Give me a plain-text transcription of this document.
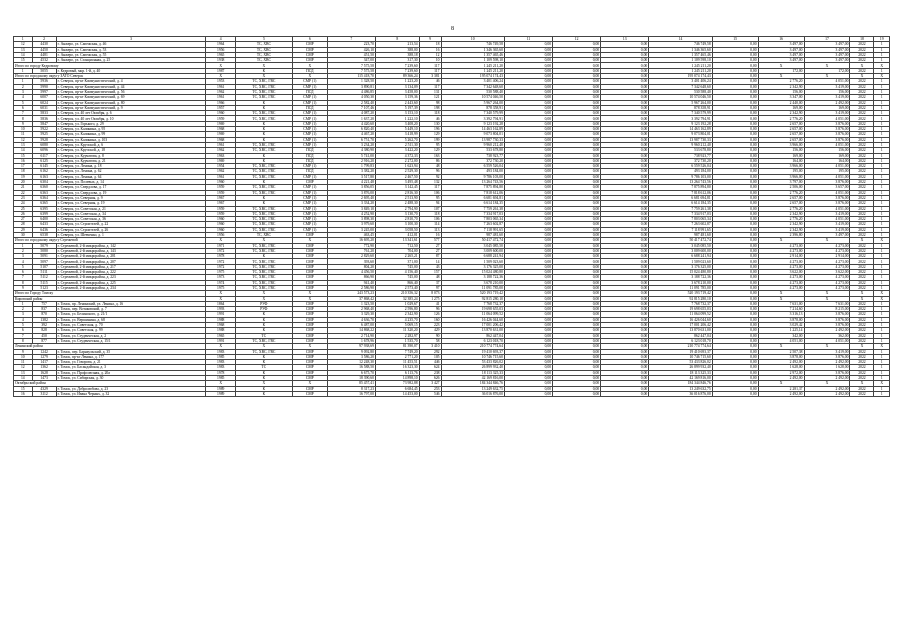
8
1	2	3	4	5	6	7	8	9	10	11	12	13	14	15	16	17	18	19
12	4430	г. Анжеро, ул. Сапежская, д. 46	1964	ТС, ХВС	СМР	223,70	213,54	18	746 749,58	0,00	0,00	0,00	746 749,58	0,00	3 497,00	3 497,00	2022	1
13	4450	г. Анжеро, ул. Сапежская, д. 53	1956	ТС, ХВС	СМР	426,10	388,00	16	1 346 365,60	0,00	0,00	0,00	1 346 365,60	0,00	3 497,00	3 497,00	2022	1
14	4481	г. Анжеро, ул. Сапежская, д. 55	1965	ТС, ХВС	СМР	451,50	388,18	12	1 357 465,46	0,00	0,00	0,00	1 357 465,46	0,00	3 497,00	3 497,00	2022	1
15	4532	г. Анжеро, ул. Станционная, д. 25	1938	ТС, ХВС	СМР	347,00	317,30	10	1 109 598,10	0,00	0,00	0,00	1 109 598,10	0,00	3 497,00	3 497,00	2022	1
Итого по городу Кедровому			Х	Х	Х	7 575,58	7 239,60	117	1 245 211,20	0,00	0,00	0,00	1 245 211,20	0,00	Х	Х	Х	Х
1	5055	г. Кедровый, мкр. 1-й, д. 40	1987	К	ПСД	7 575,58	7 239,60	117	1 245 211,20	0,00	0,00	0,00	1 245 211,20	0,00	172,00	172,00	2022	1
Итого по городскому округу ЗАТО Северск			Х	Х	Х	115 418,70	89 366,24	3 381	195 074 174,43	0,00	0,00	0,00	195 074 174,43	0,00	Х	Х	Х	Х
1	5936	г. Северск, пр-кт Коммунистический, д. 4	1953	ТС, ХВС, ГВС	СМР (1)	1 328,50	1 223,20	46	3 401 406,24	0,00	0,00	0,00	3 401 406,24	0,00	2 776,20	4 051,00	2022	1
2	5990	г. Северск, пр-кт Коммунистический, д. 44	1961	ТС, ХВС, ГВС	СМР (1)	3 890,81	3 134,09	117	7 342 648,60	0,00	0,00	0,00	7 342 648,60	0,00	2 342,90	3 419,00	2022	1
3	5997	г. Северск, пр-кт Коммунистический, д. 56	1962	ТС, ХВС, ГВС	ПСД	4 486,85	3 458,00	131	530 588,40	0,00	0,00	0,00	530 588,40	0,00	156,00	156,00	2022	1
4	6007	г. Северск, пр-кт Коммунистический, д. 69	1961	ТС, ХВС, ГВС	СМР (1)	4 050,30	3 159,36	121	10 574 046,50	0,00	0,00	0,00	10 574 046,50	0,00	3 347,00	3 419,00	2022	1
5	6024	г. Северск, пр-кт Коммунистический, д. 80	1966	К	СМР (1)	2 582,40	2 443,60	98	5 967 264,00	0,00	0,00	0,00	5 967 264,00	0,00	2 440,00	2 492,00	2022	1
6	6031	г. Северск, пр-кт Коммунистический, д. 9	1957	К	ПСД	7 107,46	5 197,39	198	878 358,91	0,00	0,00	0,00	878 358,91	0,00	169,00	169,00	2022	1
7	5833	г. Северск, ул. 40 лет Октября, д. 6	1960	ТС, ХВС, ГВС	СМР (1)	4 087,20	3 153,10	118	7 340 579,99	0,00	0,00	0,00	7 340 579,99	0,00	2 342,90	3 419,00	2022	1
8	5836	г. Северск, ул. 40 лет Октября, д. 10	1959	ТС, ХВС, ГВС	СМР (1)	1 637,20	1 222,10	46	3 392 794,91	0,00	0,00	0,00	3 392 794,91	0,00	2 776,20	4 051,00	2022	1
9	5847	г. Северск, ул. Горького, д. 29	1969	К	СМР (1)	4 420,60	3 408,20	130	9 123 192,28	0,00	0,00	0,00	9 123 192,28	0,00	2 657,00	3 876,00	2022	1
10	5922	г. Северск, ул. Калинина, д. 95	1968	К	СМР (1)	6 820,40	5 449,10	196	14 463 162,89	0,00	0,00	0,00	14 463 162,89	0,00	2 657,00	3 876,00	2022	1
11	5925	г. Северск, ул. Калинина, д. 99	1969	К	СМР (1)	4 467,20	3 418,99	129	9 073 804,01	0,00	0,00	0,00	9 073 804,01	0,00	2 657,00	3 876,00	2022	1
12	5928	г. Северск, ул. Калинина, д. 103	1968	К	СМР (1)	6 751,70	5 262,70	199	13 987 730,33	0,00	0,00	0,00	13 987 730,33	0,00	2 657,00	3 876,00	2022	1
13	6080	г. Северск, ул. Крупской, д. 6	1961	ТС, ХВС, ГВС	СМР (1)	3 234,20	2 511,30	95	9 960 212,40	0,00	0,00	0,00	9 960 212,40	0,00	3 966,00	4 051,00	2022	1
14	6096	г. Северск, ул. Крупской, д. 18	1962	ТС, ХВС, ГВС	ПСД	4 380,90	3 422,20	129	533 678,80	0,00	0,00	0,00	533 678,80	0,00	156,00	156,00	2022	1
15	6117	г. Северск, ул. Курчатова, д. 8	1963	К	ПСД	5 741,00	4 372,33	163	738 923,77	0,00	0,00	0,00	738 923,77	0,00	169,00	169,00	2022	1
16	6125	г. Северск, ул. Курчатова, д. 21	1969	К	ПСД	2 916,20	2 272,00	86	372 730,20	0,00	0,00	0,00	372 730,20	0,00	164,00	164,00	2022	1
17	6145	г. Северск, ул. Ленина, д. 18	1954	ТС, ХВС, ГВС	СМР (1)	1 799,83	1 623,94	48	6 559 526,04	0,00	0,00	0,00	6 559 526,04	0,00	3 966,00	4 051,00	2022	1
18	6162	г. Северск, ул. Ленина, д. 62	1962	ТС, ХВС, ГВС	ПСД	3 382,20	2 529,30	96	493 184,00	0,00	0,00	0,00	493 184,00	0,00	195,00	195,00	2022	1
19	6163	г. Северск, ул. Ленина, д. 64	1961	ТС, ХВС, ГВС	СМР (1)	3 517,80	2 467,50	92	9 786 103,00	0,00	0,00	0,00	9 786 103,00	0,00	3 966,00	4 051,00	2022	1
20	6304	г. Северск, ул. Полевых, д. 14	1960	К	СМР	4 221,48	3 495,48	132	13 264 743,56	0,00	0,00	0,00	13 264 743,56	0,00	3 797,00	3 876,00	2022	1
21	6360	г. Северск, ул. Свердлова, д. 17	1959	ТС, ХВС, ГВС	СМР (1)	3 856,05	3 142,45	117	7 875 894,80	0,00	0,00	0,00	7 875 894,80	0,00	2 506,00	3 657,00	2022	1
22	6363	г. Северск, ул. Свердлова, д. 19	1959	ТС, ХВС, ГВС	СМР (1)	3 876,00	2 816,30	106	7 818 612,06	0,00	0,00	0,00	7 818 612,06	0,00	2 776,20	4 051,00	2022	1
23	6364	г. Северск, ул. Северная, д. 9	1967	К	СМР (1)	2 695,40	2 513,90	95	6 681 694,81	0,00	0,00	0,00	6 681 694,81	0,00	2 657,00	3 876,00	2022	1
24	6365	г. Северск, ул. Северная, д. 19	1967	К	СМР (1)	3 334,20	2 488,30	94	6 614 184,35	0,00	0,00	0,00	6 614 184,35	0,00	2 657,00	3 876,00	2022	1
25	6395	г. Северск, ул. Советская, д. 21	1959	ТС, ХВС, ГВС	СМР (1)	3 849,10	2 794,90	107	7 759 261,38	0,00	0,00	0,00	7 759 261,38	0,00	2 776,20	4 051,00	2022	1
26	6399	г. Северск, ул. Советская, д. 34	1959	ТС, ХВС, ГВС	СМР (1)	4 252,90	3 130,70	118	7 334 917,03	0,00	0,00	0,00	7 334 917,03	0,00	2 342,90	3 419,00	2022	1
27	6400	г. Северск, ул. Советская, д. 36	1960	ТС, ХВС, ГВС	СМР (1)	3 898,30	2 810,70	106	7 803 065,34	0,00	0,00	0,00	7 803 065,34	0,00	2 776,20	4 051,00	2022	1
28	6433	г. Северск, ул. Строителей, д. 22	1960	ТС, ХВС, ГВС	СМР (1)	3 979,60	3 100,30	114	7 263 602,87	0,00	0,00	0,00	7 263 602,87	0,00	2 342,90	3 419,00	2022	1
29	6436	г. Северск, ул. Строителей, д. 26	1960	ТС, ХВС, ГВС	СМР (1)	3 245,00	3 058,50	113	7 118 991,65	0,00	0,00	0,00	7 118 991,65	0,00	2 342,90	3 419,00	2022	1
30	6538	г. Северск, ул. Шевченко, д. 1	1956	ТС, ХВС	СМР	463,45	412,01	16	987 481,60	0,00	0,00	0,00	987 481,60	0,00	2 396,80	3 497,00	2022	1
Итого по городскому округу Стрежевой			Х	Х	Х	16 695,20	13 341,61	577	50 417 472,74	0,00	0,00	0,00	50 417 472,74	0,00	Х	Х	Х	Х
1	5079	г. Стрежевой, 2-й микрорайон, д. 142	1971	ТС, ХВС, ГВС	СМР	772,90	712,50	27	3 045 085,50	0,00	0,00	0,00	3 045 085,50	0,00	4 273,00	4 273,00	2022	1
2	5080	г. Стрежевой, 2-й микрорайон, д. 143	1972	ТС, ХВС, ГВС	СМР	761,20	704,00	27	3 009 600,00	0,00	0,00	0,00	3 009 600,00	0,00	4 273,00	4 273,00	2022	1
3	5091	г. Стрежевой, 2-й микрорайон, д. 201	1978	К	СМР	2 829,60	2 265,21	87	6 688 241,94	0,00	0,00	0,00	6 688 241,94	0,00	2 914,00	2 914,00	2022	1
4	5097	г. Стрежевой, 2-й микрорайон, д. 207	1972	ТС, ХВС, ГВС	СМР	393,60	371,00	14	1 509 023,60	0,00	0,00	0,00	1 509 023,60	0,00	4 273,00	4 273,00	2022	1
5	5107	г. Стрежевой, 2-й микрорайон, д. 217	1972	ТС, ХВС, ГВС	СМР	804,20	745,00	43	3 176 325,00	0,00	0,00	0,00	3 176 325,00	0,00	4 273,00	4 273,00	2022	1
6	5111	г. Стрежевой, 2-й микрорайон, д. 222	1975	ТС, ХВС, ГВС	СМР	4 456,50	4 156,40	157	15 024 480,80	0,00	0,00	0,00	15 024 480,80	0,00	3 622,00	3 622,00	2022	1
7	5112	г. Стрежевой, 2-й микрорайон, д. 223	1973	ТС, ХВС, ГВС	СМР	866,90	745,00	48	3 188 722,36	0,00	0,00	0,00	3 188 722,36	0,00	4 273,00	4 273,00	2022	1
8	5115	г. Стрежевой, 2-й микрорайон, д. 225	1974	ТС, ХВС, ГВС	СМР	941,40	866,40	37	3 678 210,00	0,00	0,00	0,00	3 678 210,00	0,00	4 273,00	4 273,00	2022	1
9	5123	г. Стрежевой, 2-й микрорайон, д. 234	1975	ТС, ХВС, ГВС	СМР	2 586,90	2 573,40	97	11 091 785,00	0,00	0,00	0,00	11 091 785,00	0,00	4 273,00	4 273,00	2022	1
Итого по Городу Томску			Х	Х	Х	243 573,23	210 356,32	8 073	520 193 719,42	0,00	0,00	0,00	520 193 719,42	0,00	Х	Х	Х	Х
Кировский район			Х	Х	Х	37 868,42	32 385,24	1 275	92 815 280,10	0,00	0,00	0,00	92 815 280,10	0,00	Х	Х	Х	Х
1	757	г. Томск, пр. Ленинский, ул. Ленина, д. 16	1864	РУФ	СМР	1 323,50	1 029,67	41	7 768 732,37	0,00	0,00	0,00	7 768 732,37	0,00	7 631,00	7 631,00	2022	1
2	837	г. Томск, пер. Вотяковский, д. 7	1993	РУФ	СМР	2 968,40	2 596,80	96	19 698 655,03	0,00	0,00	0,00	19 698 655,03	0,00	7 214,60	8 215,00	2022	1
3	870	г. Томск, ул. Белинского, д. 21/1	1991	К	СМР	3 329,30	2 342,90	126	11 064 099,52	0,00	0,00	0,00	11 064 099,52	0,00	3 316,13	3 876,00	2022	1
4	1382	г. Томск, ул. Вершинина, д. 68	1988	К	СМР	4 636,70	4 235,70	160	16 426 044,60	0,00	0,00	0,00	16 426 044,60	0,00	3 878,00	3 876,00	2022	1
5	392	г. Томск, ул. Советская, д. 70	1968	К	СМР	6 487,00	5 069,15	223	17 001 206,42	0,00	0,00	0,00	17 001 206,42	0,00	3 029,42	3 876,00	2022	1
6	828	г. Томск, ул. Советская, д. 99	1988	К	СМР	14 868,22	11 320,20	429	13 870 631,00	0,00	0,00	0,00	13 870 631,00	0,00	1 225,14	2 492,00	2022	1
7	450	г. Томск, ул. Студенческая, д. 2	1965	ТС	СМР	2 714,90	2 282,97	90	862 447,04	0,00	0,00	0,00	862 447,04	0,00	342,00	362,00	2022	1
8	877	г. Томск, ул. Студенческая, д. 15/1	1991	ТС, ХВС, ГВС	СМР	1 678,96	1 535,70	58	6 123 018,70	0,00	0,00	0,00	6 123 018,70	0,00	4 051,00	4 051,00	2022	1
Ленинский район			Х	Х	Х	97 938,69	81 390,07	3 410	210 774 774,64	0,00	0,00	0,00	210 774 774,64	0,00	Х	Х	Х	Х
9	1242	г. Томск, пер. Барнаульский, д. 35	1983	ТС, ХВС, ГВС	СМР	9 092,80	7 749,20	292	19 410 693,37	0,00	0,00	0,00	19 410 693,37	0,00	2 507,38	3 419,00	2022	1
10	1279	г. Томск, пр-кт Ленина, д. 177	1985	К	СМР	3 586,20	2 771,20	105	10 746 715,60	0,00	0,00	0,00	10 746 715,60	0,00	3 878,00	3 876,00	2022	1
11	1417	г. Томск, ул. Говорова, д. 21	1983	К	СМР	12 248,30	11 453,51	446	53 433 826,02	0,00	0,00	0,00	53 433 826,02	0,00	2 492,00	2 492,00	2022	1
12	1362	г. Томск, ул. Басандайская, д. 3	1983	ТС	СМР	16 588,50	16 323,30	624	26 899 932,40	0,00	0,00	0,00	26 899 932,40	0,00	1 628,00	1 628,00	2022	1
13	1628	г. Томск, ул. Профсоюзная, д. 20а	1978	К	СМР	6 675,70	6 113,76	238	18 113 325,33	0,00	0,00	0,00	18 113 325,33	0,00	2 972,00	3 876,00	2022	1
14	1473	г. Томск, ул. Сибирская, д. 30	1985	К	СМР	18 390,60	14 898,10	626	42 169 816,00	0,00	0,00	0,00	42 169 816,00	0,00	2 492,00	2 492,00	2022	1
Октябрьский район			Х	Х	Х	85 457,41	73 982,88	3 427	184 344 846,76	0,00	0,00	0,00	184 344 846,76	0,00	Х	Х	Х	Х
15	4329	г. Томск, ул. Добролюбова, д. 23	1989	К	СМР	8 317,23	6 684,45	253	13 249 632,75	0,00	0,00	0,00	13 249 632,75	0,00	2 281,37	2 492,00	2022	1
16	3112	г. Томск, ул. Ивана Черных, д. 32	1989	К	СМР	16 797,00	14 453,00	546	36 016 876,00	0,00	0,00	0,00	36 016 876,00	0,00	2 492,00	2 492,00	2022	1
